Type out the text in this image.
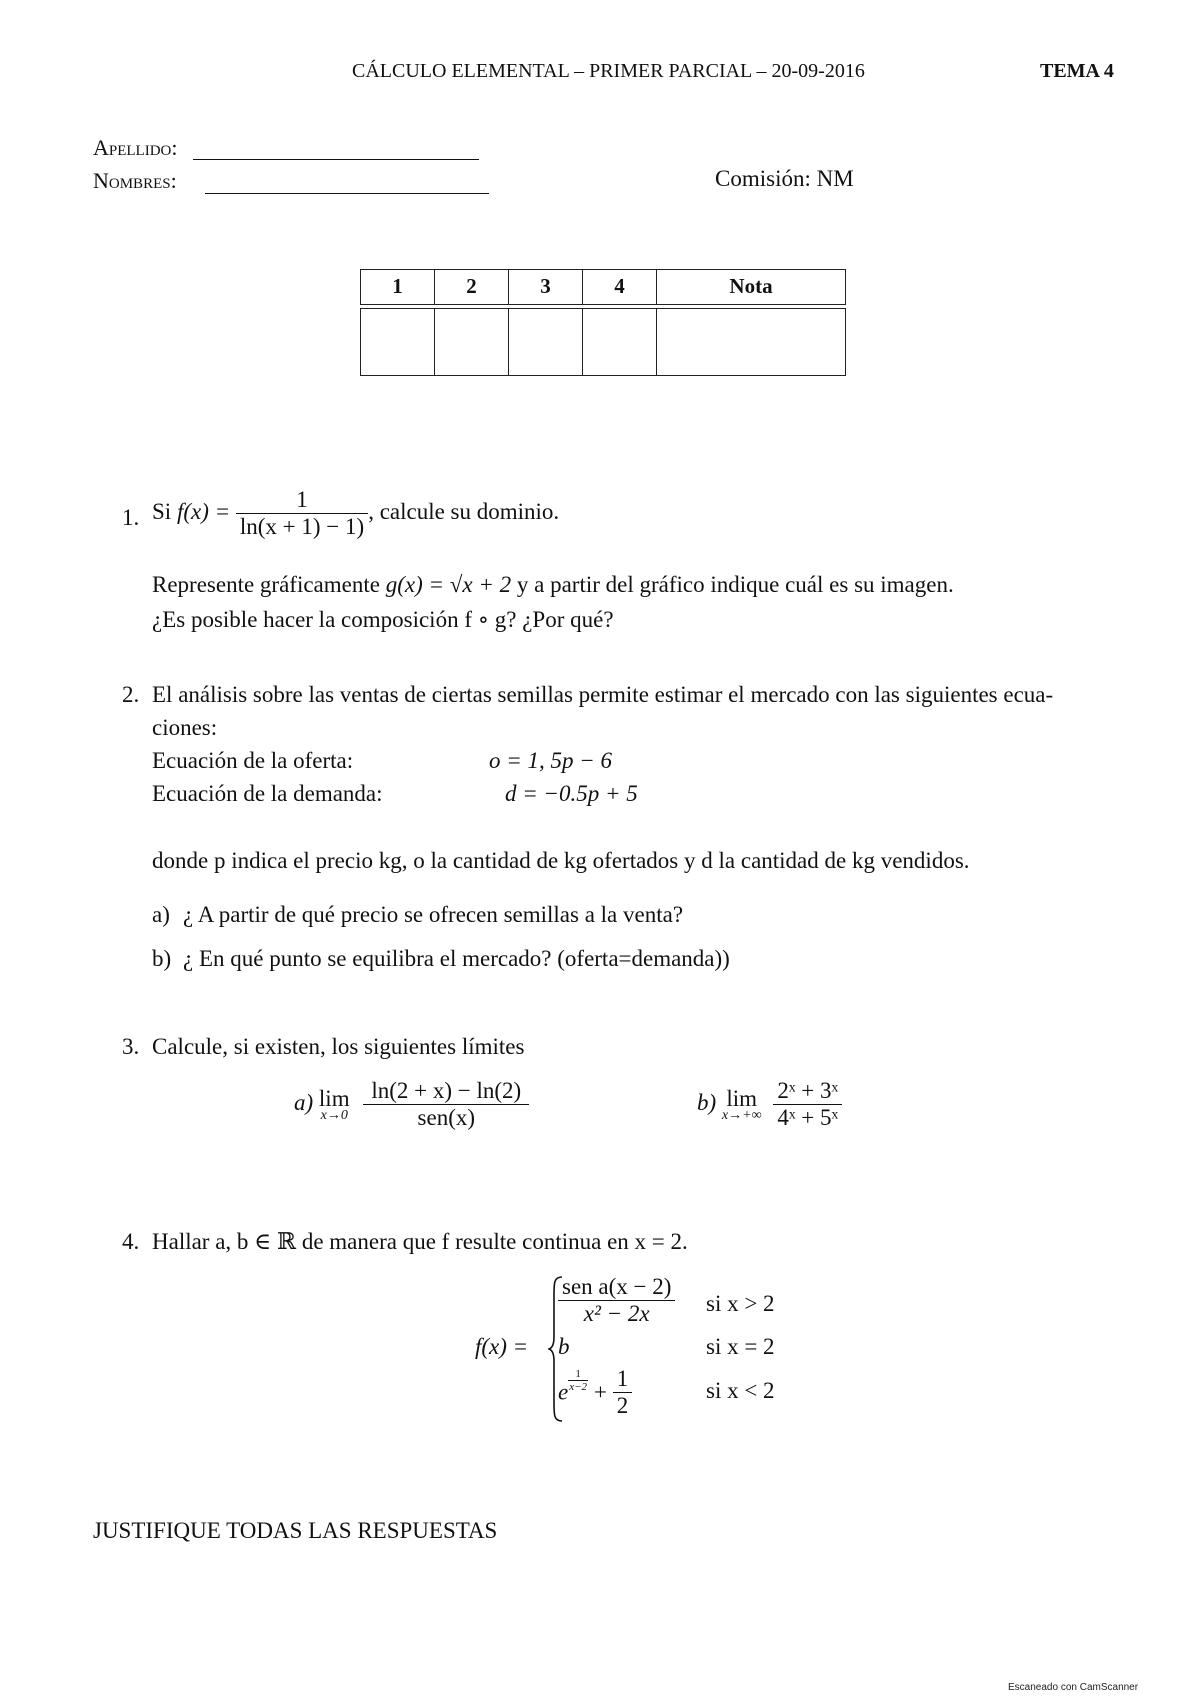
CÁLCULO ELEMENTAL – PRIMER PARCIAL – 20-09-2016	TEMA 4
Apellido:
Nombres:	Comisión: NM
1	2	3	4	Nota
1. Si $f(x) = \frac{1}{\ln(x + 1) - 1)}$ , calcule su dominio.
Represente gráficamente g(x) = √x + 2 y a partir del gráfico indique cuál es su imagen.
¿Es posible hacer la composición f ∘ g? ¿Por qué?
2. El análisis sobre las ventas de ciertas semillas permite estimar el mercado con las siguientes ecua-
ciones:
Ecuación de la oferta:	o = 1, 5p − 6
Ecuación de la demanda:	d = −0.5p + 5
donde p indica el precio kg, o la cantidad de kg ofertados y d la cantidad de kg vendidos.
a) ¿ A partir de qué precio se ofrecen semillas a la venta?
b) ¿ En qué punto se equilibra el mercado? (oferta=demanda))
3. Calcule, si existen, los siguientes límites
a) lim
x→0
$\frac{\ln(2 + x) - \ln(2)}{\text{sen(x)}}$	b) lim
x→+∞
$\frac{\text{2ˣ + 3ˣ}}{\text{4ˣ + 5ˣ}}$
4. Hallar a, b ∈ ℝ de manera que f resulte continua en x = 2.
f(x) =
$\frac{\text{sen a(x − 2)}}{\text{x² − 2x}}$ si x > 2
b	si x = 2
e $\frac{1}{x-2} + \frac{1}{2}$	si x < 2
JUSTIFIQUE TODAS LAS RESPUESTAS
Escaneado con CamScanner
